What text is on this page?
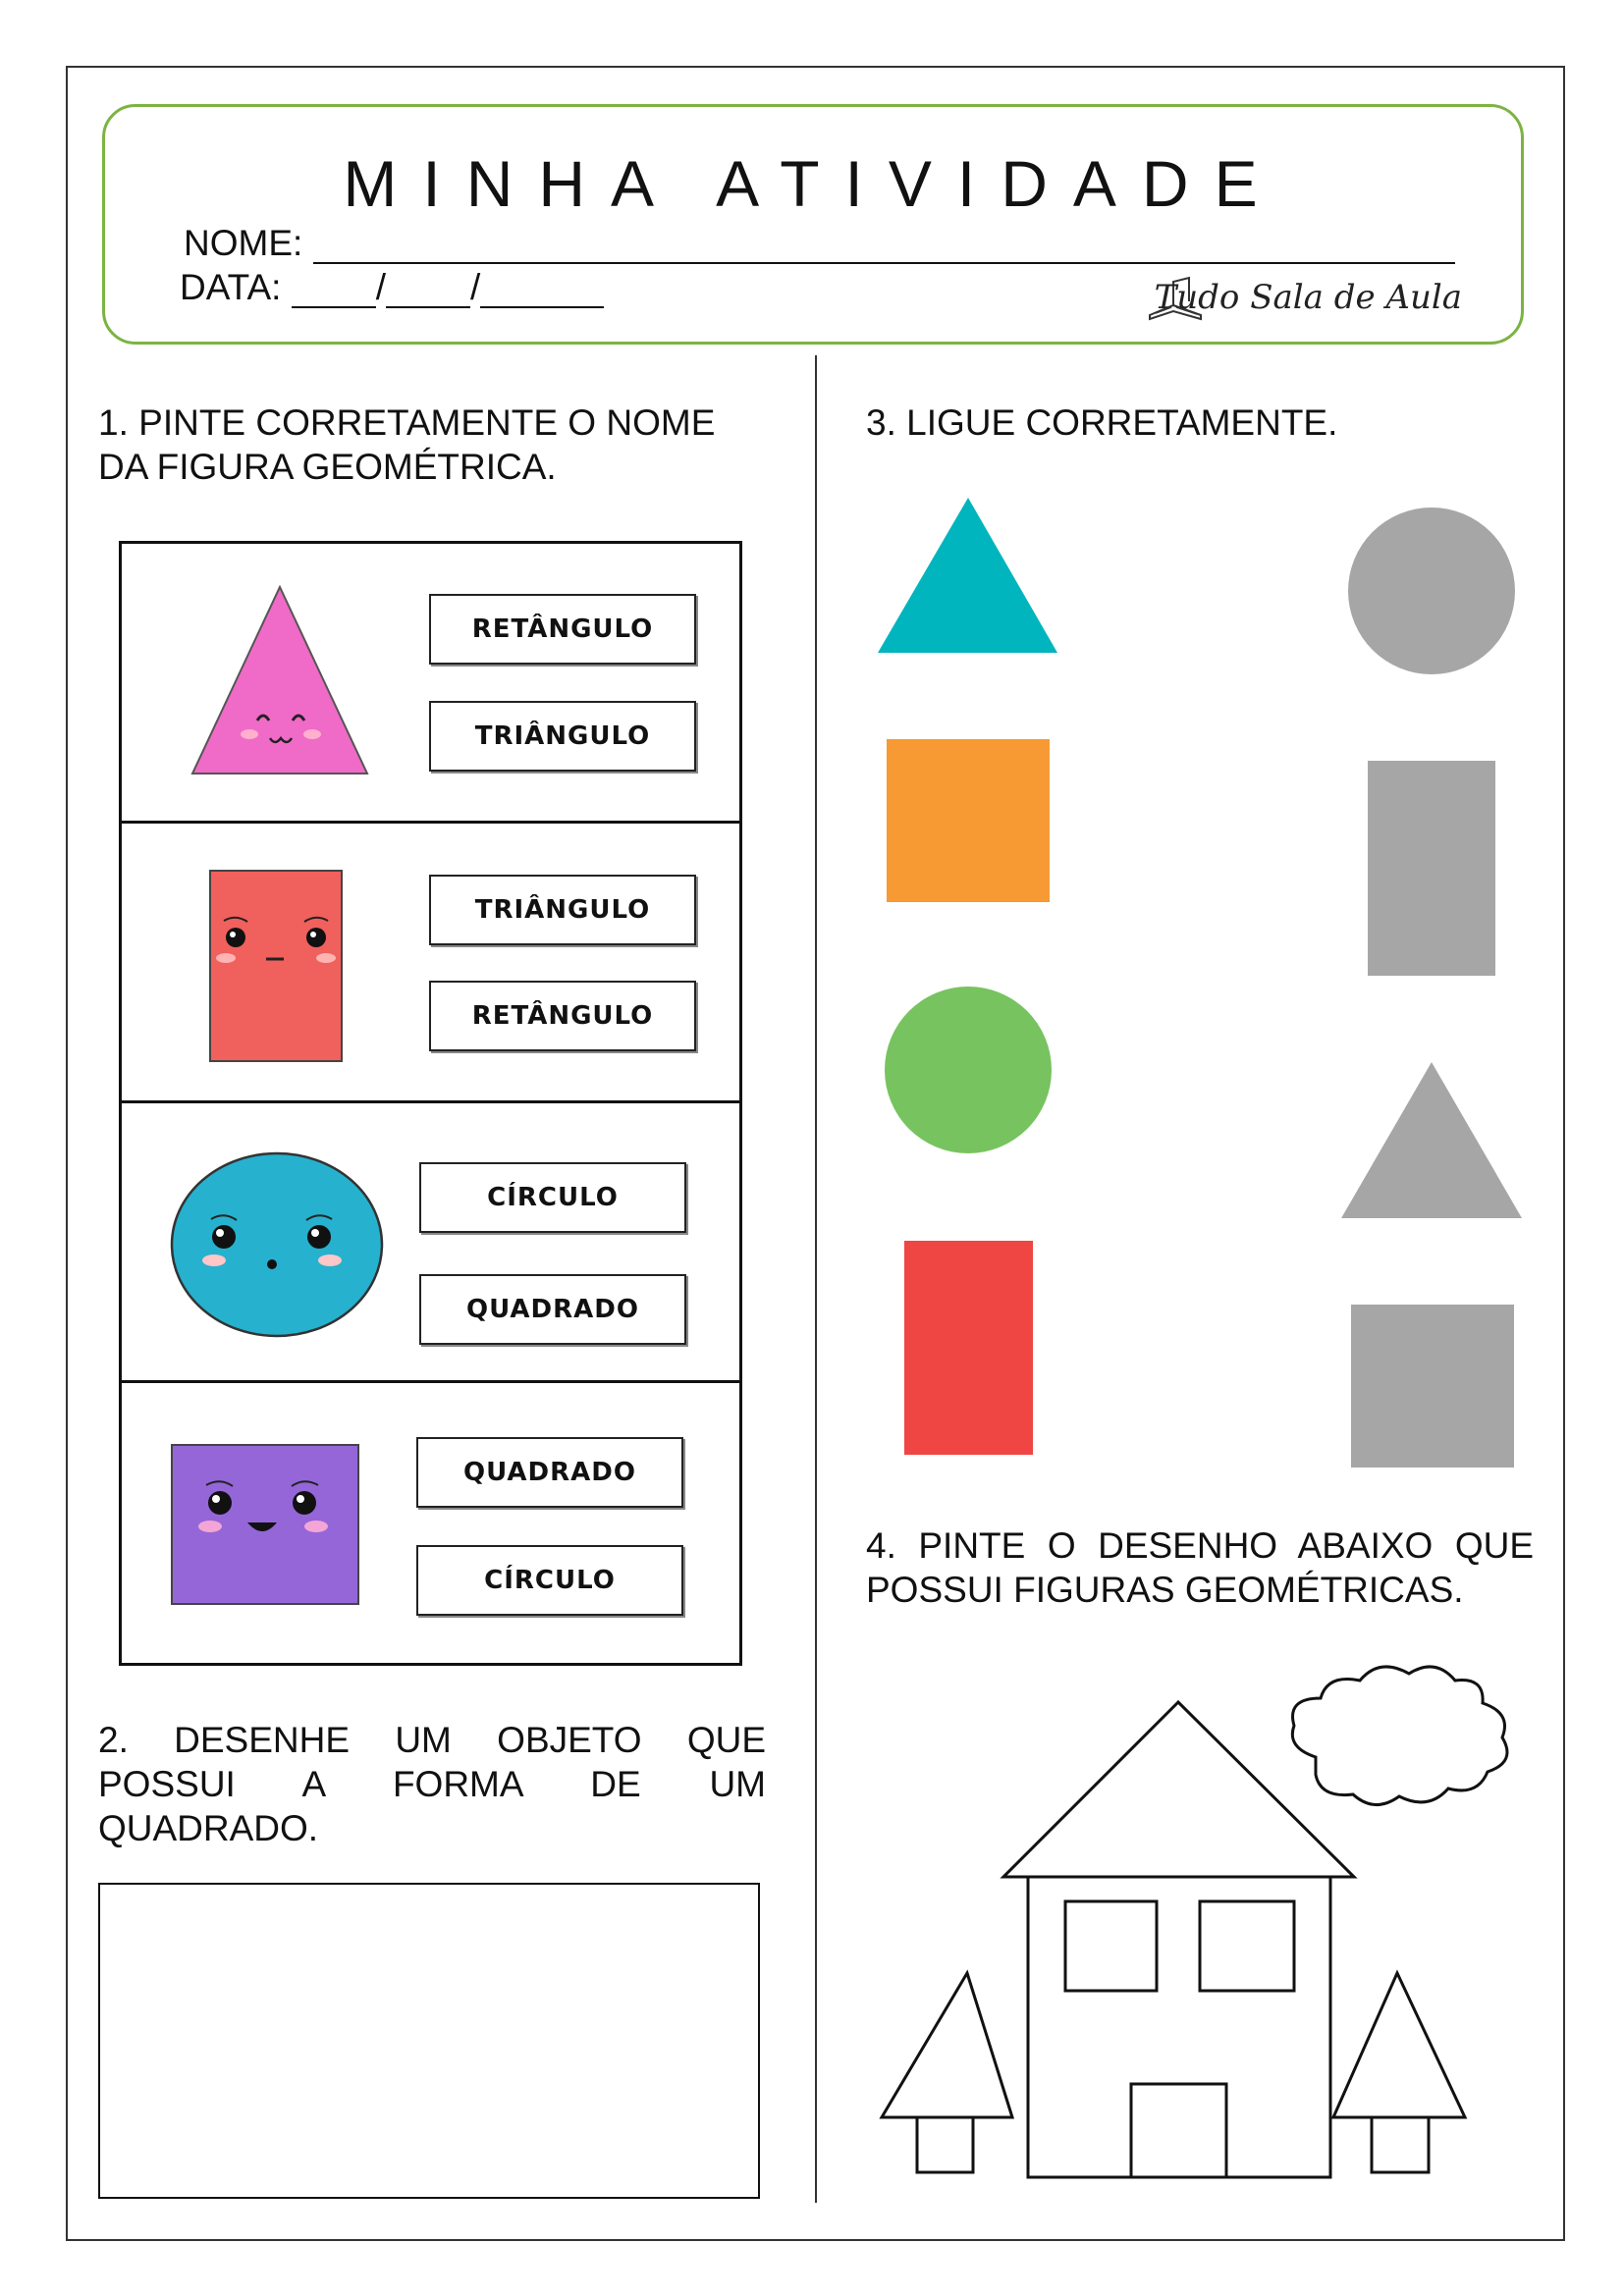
MINHA ATIVIDADE
NOME:
DATA:	/ /	Tudo Sala de Aula

1. PINTE CORRETAMENTE O NOME
DA FIGURA GEOMÉTRICA.

RETÂNGULO
TRIÂNGULO
TRIÂNGULO
RETÂNGULO
CÍRCULO
QUADRADO
QUADRADO
CÍRCULO

2. DESENHE UM OBJETO QUE POSSUI A FORMA DE UM
QUADRADO.

3. LIGUE CORRETAMENTE.

4. PINTE O DESENHO ABAIXO QUE
POSSUI FIGURAS GEOMÉTRICAS.
